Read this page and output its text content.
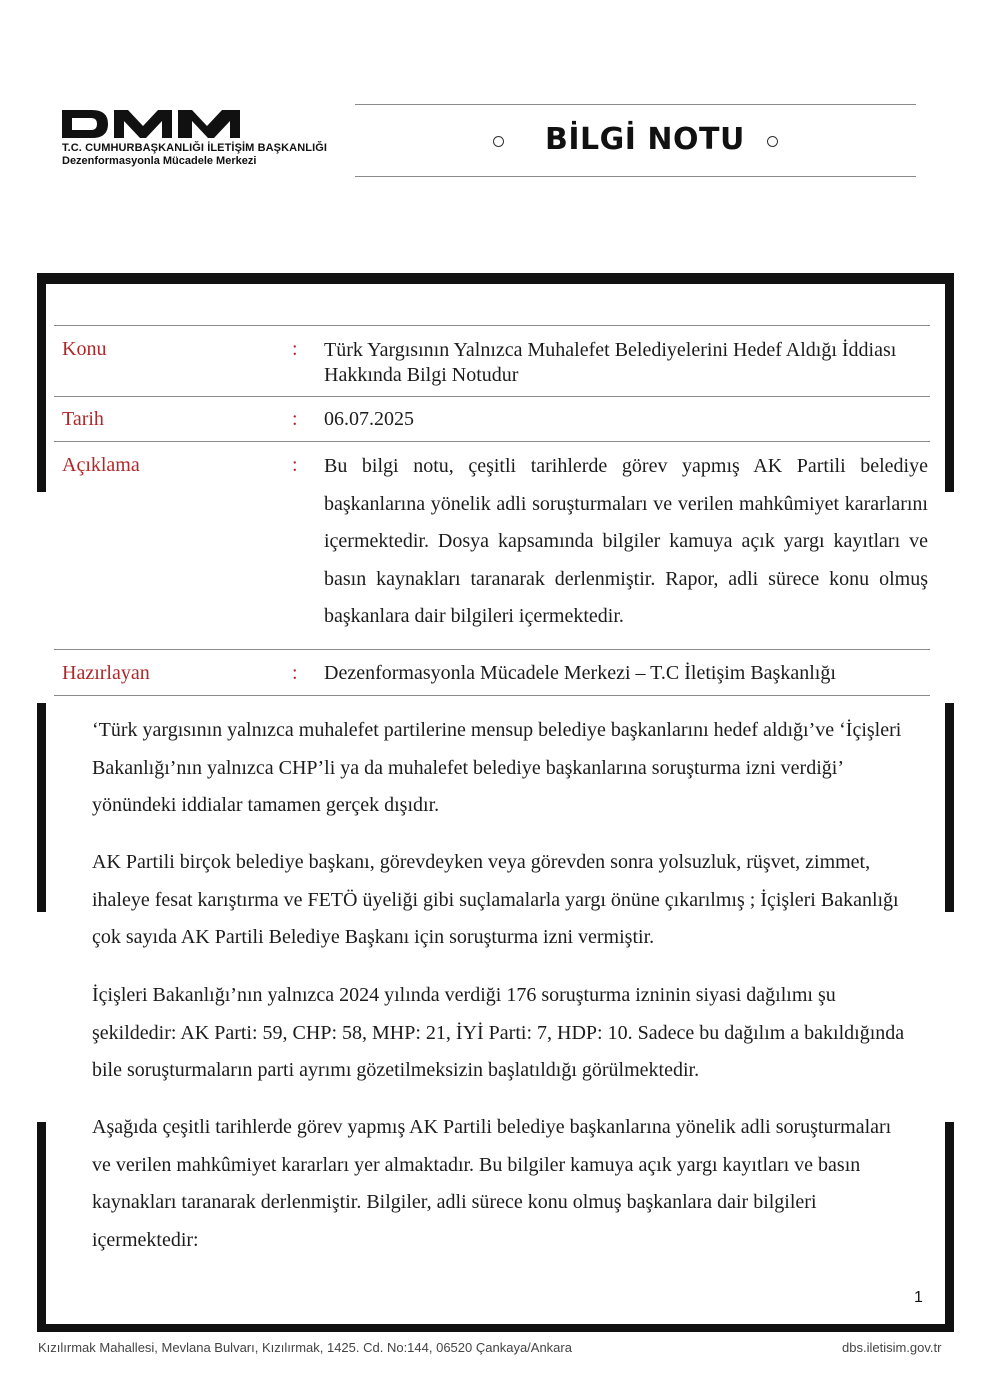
T.C. CUMHURBAŞKANLIĞI İLETİŞİM BAŞKANLIĞI
Dezenformasyonla Mücadele Merkezi
BİLGİ NOTU
Konu	: Türk Yargısının Yalnızca Muhalefet Belediyelerini Hedef Aldığı İddiası Hakkında Bilgi Notudur
Tarih	: 06.07.2025
Açıklama	: Bu bilgi notu, çeşitli tarihlerde görev yapmış AK Partili belediye başkanlarına yönelik adli soruşturmaları ve verilen mahkûmiyet kararlarını içermektedir. Dosya kapsamında bilgiler kamuya açık yargı kayıtları ve basın kaynakları taranarak derlenmiştir. Rapor, adli sürece konu olmuş başkanlara dair bilgileri içermektedir.
Hazırlayan	: Dezenformasyonla Mücadele Merkezi – T.C İletişim Başkanlığı

‘Türk yargısının yalnızca muhalefet partilerine mensup belediye başkanlarını hedef aldığı’ve ‘İçişleri Bakanlığı’nın yalnızca CHP’li ya da muhalefet belediye başkanlarına soruşturma izni verdiği’ yönündeki iddialar tamamen gerçek dışıdır.

AK Partili birçok belediye başkanı, görevdeyken veya görevden sonra yolsuzluk, rüşvet, zimmet, ihaleye fesat karıştırma ve FETÖ üyeliği gibi suçlamalarla yargı önüne çıkarılmış ; İçişleri Bakanlığı çok sayıda AK Partili Belediye Başkanı için soruşturma izni vermiştir.

İçişleri Bakanlığı’nın yalnızca 2024 yılında verdiği 176 soruşturma izninin siyasi dağılımı şu şekildedir: AK Parti: 59, CHP: 58, MHP: 21, İYİ Parti: 7, HDP: 10. Sadece bu dağılım a bakıldığında bile soruşturmaların parti ayrımı gözetilmeksizin başlatıldığı görülmektedir.

Aşağıda çeşitli tarihlerde görev yapmış AK Partili belediye başkanlarına yönelik adli soruşturmaları ve verilen mahkûmiyet kararları yer almaktadır. Bu bilgiler kamuya açık yargı kayıtları ve basın kaynakları taranarak derlenmiştir. Bilgiler, adli sürece konu olmuş başkanlara dair bilgileri içermektedir:

1
Kızılırmak Mahallesi, Mevlana Bulvarı, Kızılırmak, 1425. Cd. No:144, 06520 Çankaya/Ankara	dbs.iletisim.gov.tr
